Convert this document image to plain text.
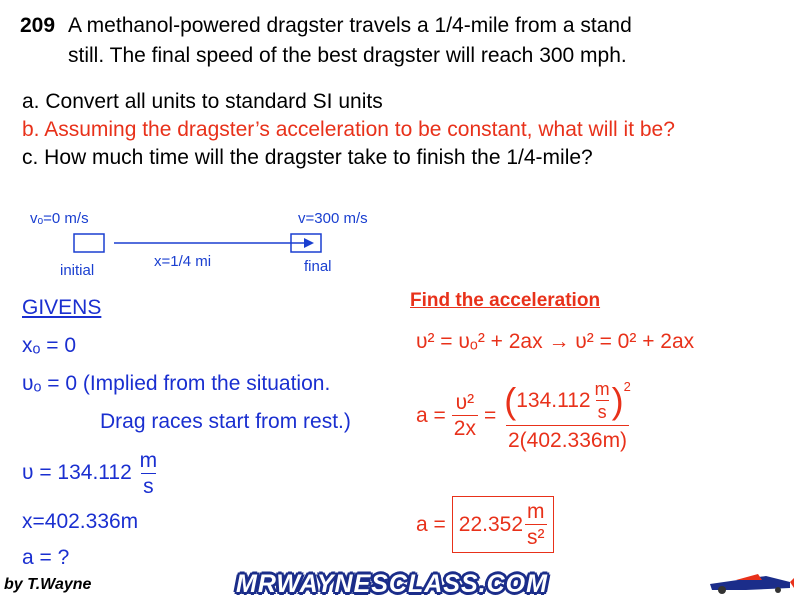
209 A methanol-powered dragster travels a 1/4-mile from a stand
still. The final speed of the best dragster will reach 300 mph.
a. Convert all units to standard SI units
b. Assuming the dragster’s acceleration to be constant, what will it be?
c. How much time will the dragster take to finish the 1/4-mile?
vₒ=0 m/s	v=300 m/s
x=1/4 mi
initial	final
GIVENS
xₒ = 0
υₒ = 0 (Implied from the situation.
Drag races start from rest.)
$\upsilon = 134.112 \frac{m}{s}$
x=402.336m
a = ?
Find the acceleration
υ² = υₒ² + 2ax → υ² = 0² + 2ax
$a = \frac{\text{υ²}}{2x}$ = ( $134.112 \frac{m}{s} )^2$
2(402.336m)
$a = 22.352 \frac{m}{\text{s²}}$
by T.Wayne	MRWAYNESCLASS.COM
